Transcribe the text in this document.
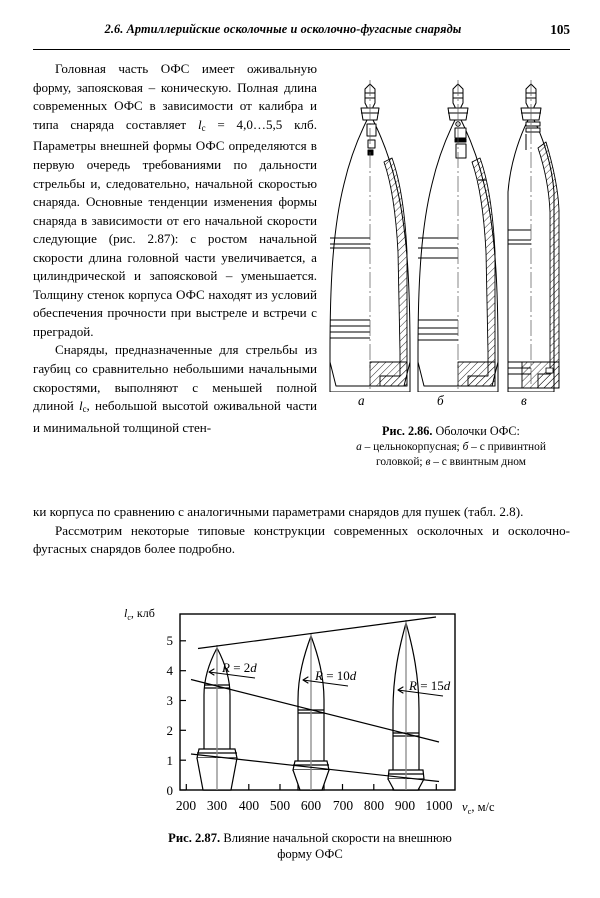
2.6. Артиллерийские осколочные и осколочно-фугасные снаряды	105

Головная часть ОФС имеет оживальную форму, запоясковая – коническую. Полная длина современных ОФС в зависимости от калибра и типа снаряда составляет $l_с$ = 4,0…5,5 клб. Параметры внешней формы ОФС определяются в первую очередь требованиями по дальности стрельбы и, следовательно, начальной скоростью снаряда. Основные тенденции изменения формы снаряда в зависимости от его начальной скорости следующие (рис. 2.87): с ростом начальной скорости длина головной части увеличивается, а цилиндрической и запоясковой – уменьшается. Толщину стенок корпуса ОФС находят из условий обеспечения прочности при выстреле и встречи с преградой.

Снаряды, предназначенные для стрельбы из гаубиц со сравнительно небольшими начальными скоростями, выполняют с меньшей полной длиной $l_с$, небольшой высотой оживальной части и минимальной толщиной стен-

ки корпуса по сравнению с аналогичными параметрами снарядов для пушек (табл. 2.8).

Рассмотрим некоторые типовые конструкции современных осколочных и осколочно-фугасных снарядов более подробно.

а	б	в
Рис. 2.86. Оболочки ОФС:
а – цельнокорпусная; б – с привинтной
головкой; в – с ввинтным дном
$l_с$, клб
0
1
2
3
4
5
200 300 400 500 600 700 800 900 1000 $v_с$, м/с
R = 2d
R = 10d
R = 15d
Рис. 2.87. Влияние начальной скорости на внешнюю
форму ОФС
